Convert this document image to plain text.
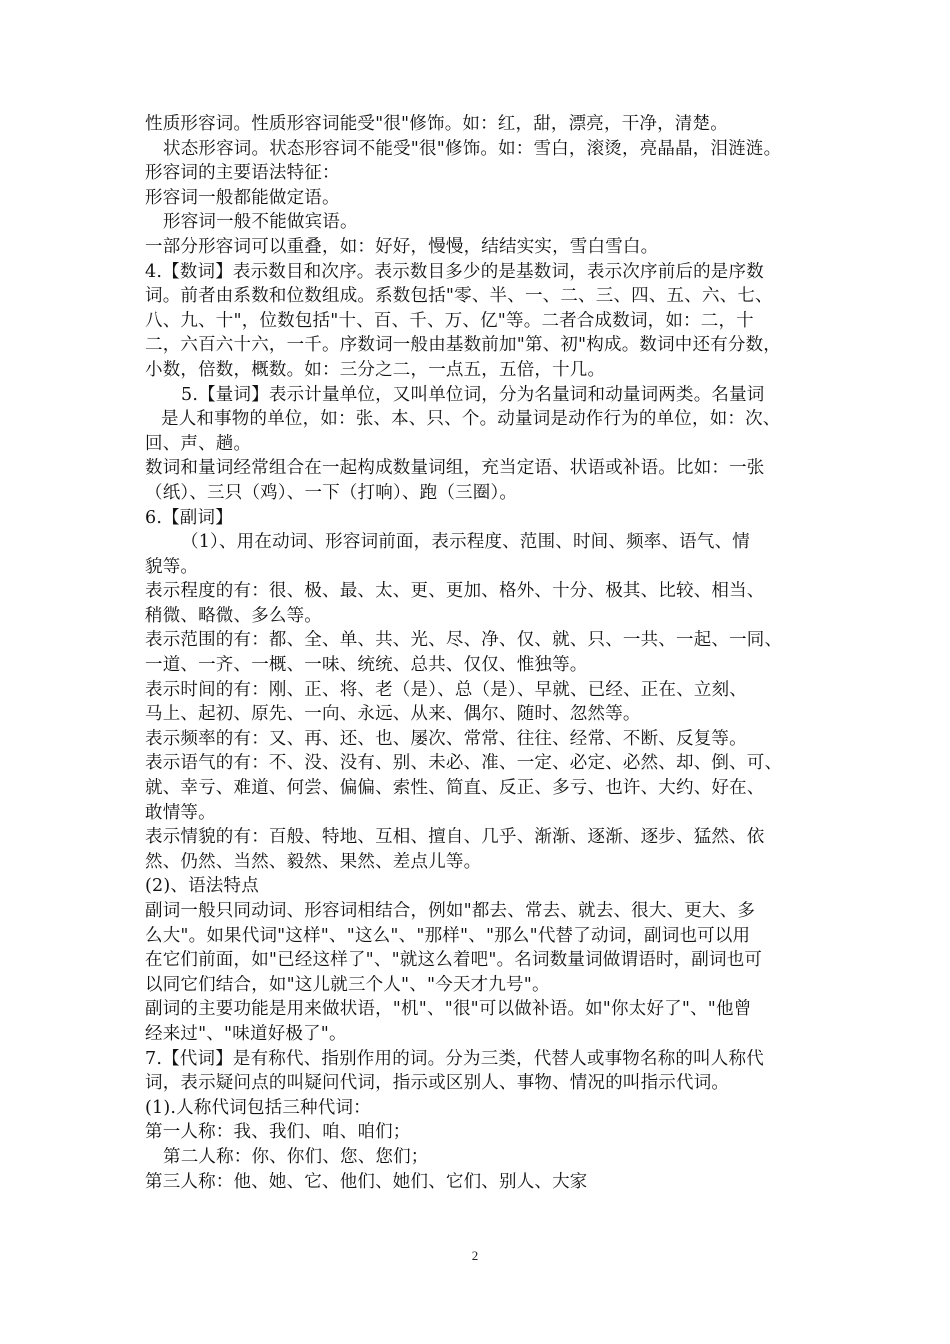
性质形容词。性质形容词能受"很"修饰。如：红，甜，漂亮，干净，清楚。
状态形容词。状态形容词不能受"很"修饰。如：雪白，滚烫，亮晶晶，泪涟涟。
形容词的主要语法特征：
形容词一般都能做定语。
形容词一般不能做宾语。
一部分形容词可以重叠，如：好好，慢慢，结结实实，雪白雪白。
4.【数词】表示数目和次序。表示数目多少的是基数词，表示次序前后的是序数
词。前者由系数和位数组成。系数包括"零、半、一、二、三、四、五、六、七、
八、九、十"，位数包括"十、百、千、万、亿"等。二者合成数词，如：二，十
二，六百六十六，一千。序数词一般由基数前加"第、初"构成。数词中还有分数，
小数，倍数，概数。如：三分之二，一点五，五倍，十几。
5.【量词】表示计量单位，又叫单位词，分为名量词和动量词两类。名量词
是人和事物的单位，如：张、本、只、个。动量词是动作行为的单位，如：次、
回、声、趟。
数词和量词经常组合在一起构成数量词组，充当定语、状语或补语。比如：一张
（纸）、三只（鸡）、一下（打响）、跑（三圈）。
6.【副词】
（1）、用在动词、形容词前面，表示程度、范围、时间、频率、语气、情
貌等。
表示程度的有：很、极、最、太、更、更加、格外、十分、极其、比较、相当、
稍微、略微、多么等。
表示范围的有：都、全、单、共、光、尽、净、仅、就、只、一共、一起、一同、
一道、一齐、一概、一味、统统、总共、仅仅、惟独等。
表示时间的有：刚、正、将、老（是）、总（是）、早就、已经、正在、立刻、
马上、起初、原先、一向、永远、从来、偶尔、随时、忽然等。
表示频率的有：又、再、还、也、屡次、常常、往往、经常、不断、反复等。
表示语气的有：不、没、没有、别、未必、准、一定、必定、必然、却、倒、可、
就、幸亏、难道、何尝、偏偏、索性、简直、反正、多亏、也许、大约、好在、
敢情等。
表示情貌的有：百般、特地、互相、擅自、几乎、渐渐、逐渐、逐步、猛然、依
然、仍然、当然、毅然、果然、差点儿等。
(2)、语法特点
副词一般只同动词、形容词相结合，例如"都去、常去、就去、很大、更大、多
么大"。如果代词"这样"、"这么"、"那样"、"那么"代替了动词，副词也可以用
在它们前面，如"已经这样了"、"就这么着吧"。名词数量词做谓语时，副词也可
以同它们结合，如"这儿就三个人"、"今天才九号"。
副词的主要功能是用来做状语，"机"、"很"可以做补语。如"你太好了"、"他曾
经来过"、"味道好极了"。
7.【代词】是有称代、指别作用的词。分为三类，代替人或事物名称的叫人称代
词，表示疑问点的叫疑问代词，指示或区别人、事物、情况的叫指示代词。
(1).人称代词包括三种代词：
第一人称：我、我们、咱、咱们；
第二人称：你、你们、您、您们；
第三人称：他、她、它、他们、她们、它们、别人、大家
2
